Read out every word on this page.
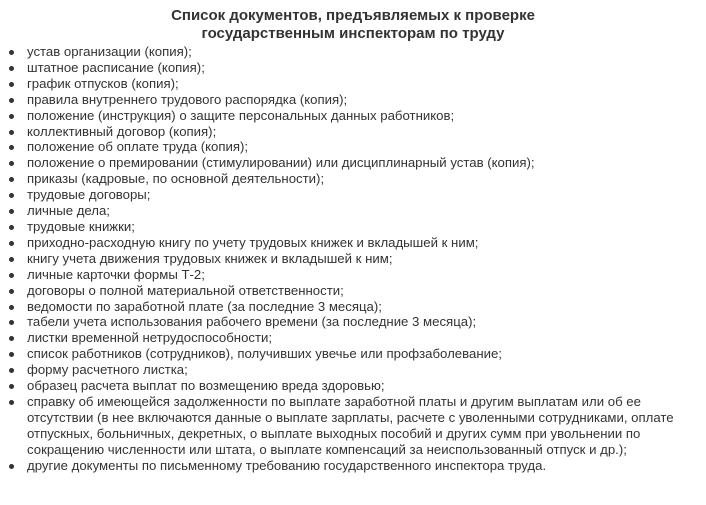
Список документов, предъявляемых к проверке
государственным инспекторам по труду
устав организации (копия);
штатное расписание (копия);
график отпусков (копия);
правила внутреннего трудового распорядка (копия);
положение (инструкция) о защите персональных данных работников;
коллективный договор (копия);
положение об оплате труда (копия);
положение о премировании (стимулировании) или дисциплинарный устав (копия);
приказы (кадровые, по основной деятельности);
трудовые договоры;
личные дела;
трудовые книжки;
приходно-расходную книгу по учету трудовых книжек и вкладышей к ним;
книгу учета движения трудовых книжек и вкладышей к ним;
личные карточки формы Т-2;
договоры о полной материальной ответственности;
ведомости по заработной плате (за последние 3 месяца);
табели учета использования рабочего времени (за последние 3 месяца);
листки временной нетрудоспособности;
список работников (сотрудников), получивших увечье или профзаболевание;
форму расчетного листка;
образец расчета выплат по возмещению вреда здоровью;
справку об имеющейся задолженности по выплате заработной платы и другим выплатам или об ее отсутствии (в нее включаются данные о выплате зарплаты, расчете с уволенными сотрудниками, оплате отпускных, больничных, декретных, о выплате выходных пособий и других сумм при увольнении по сокращению численности или штата, о выплате компенсаций за неиспользованный отпуск и др.);
другие документы по письменному требованию государственного инспектора труда.
